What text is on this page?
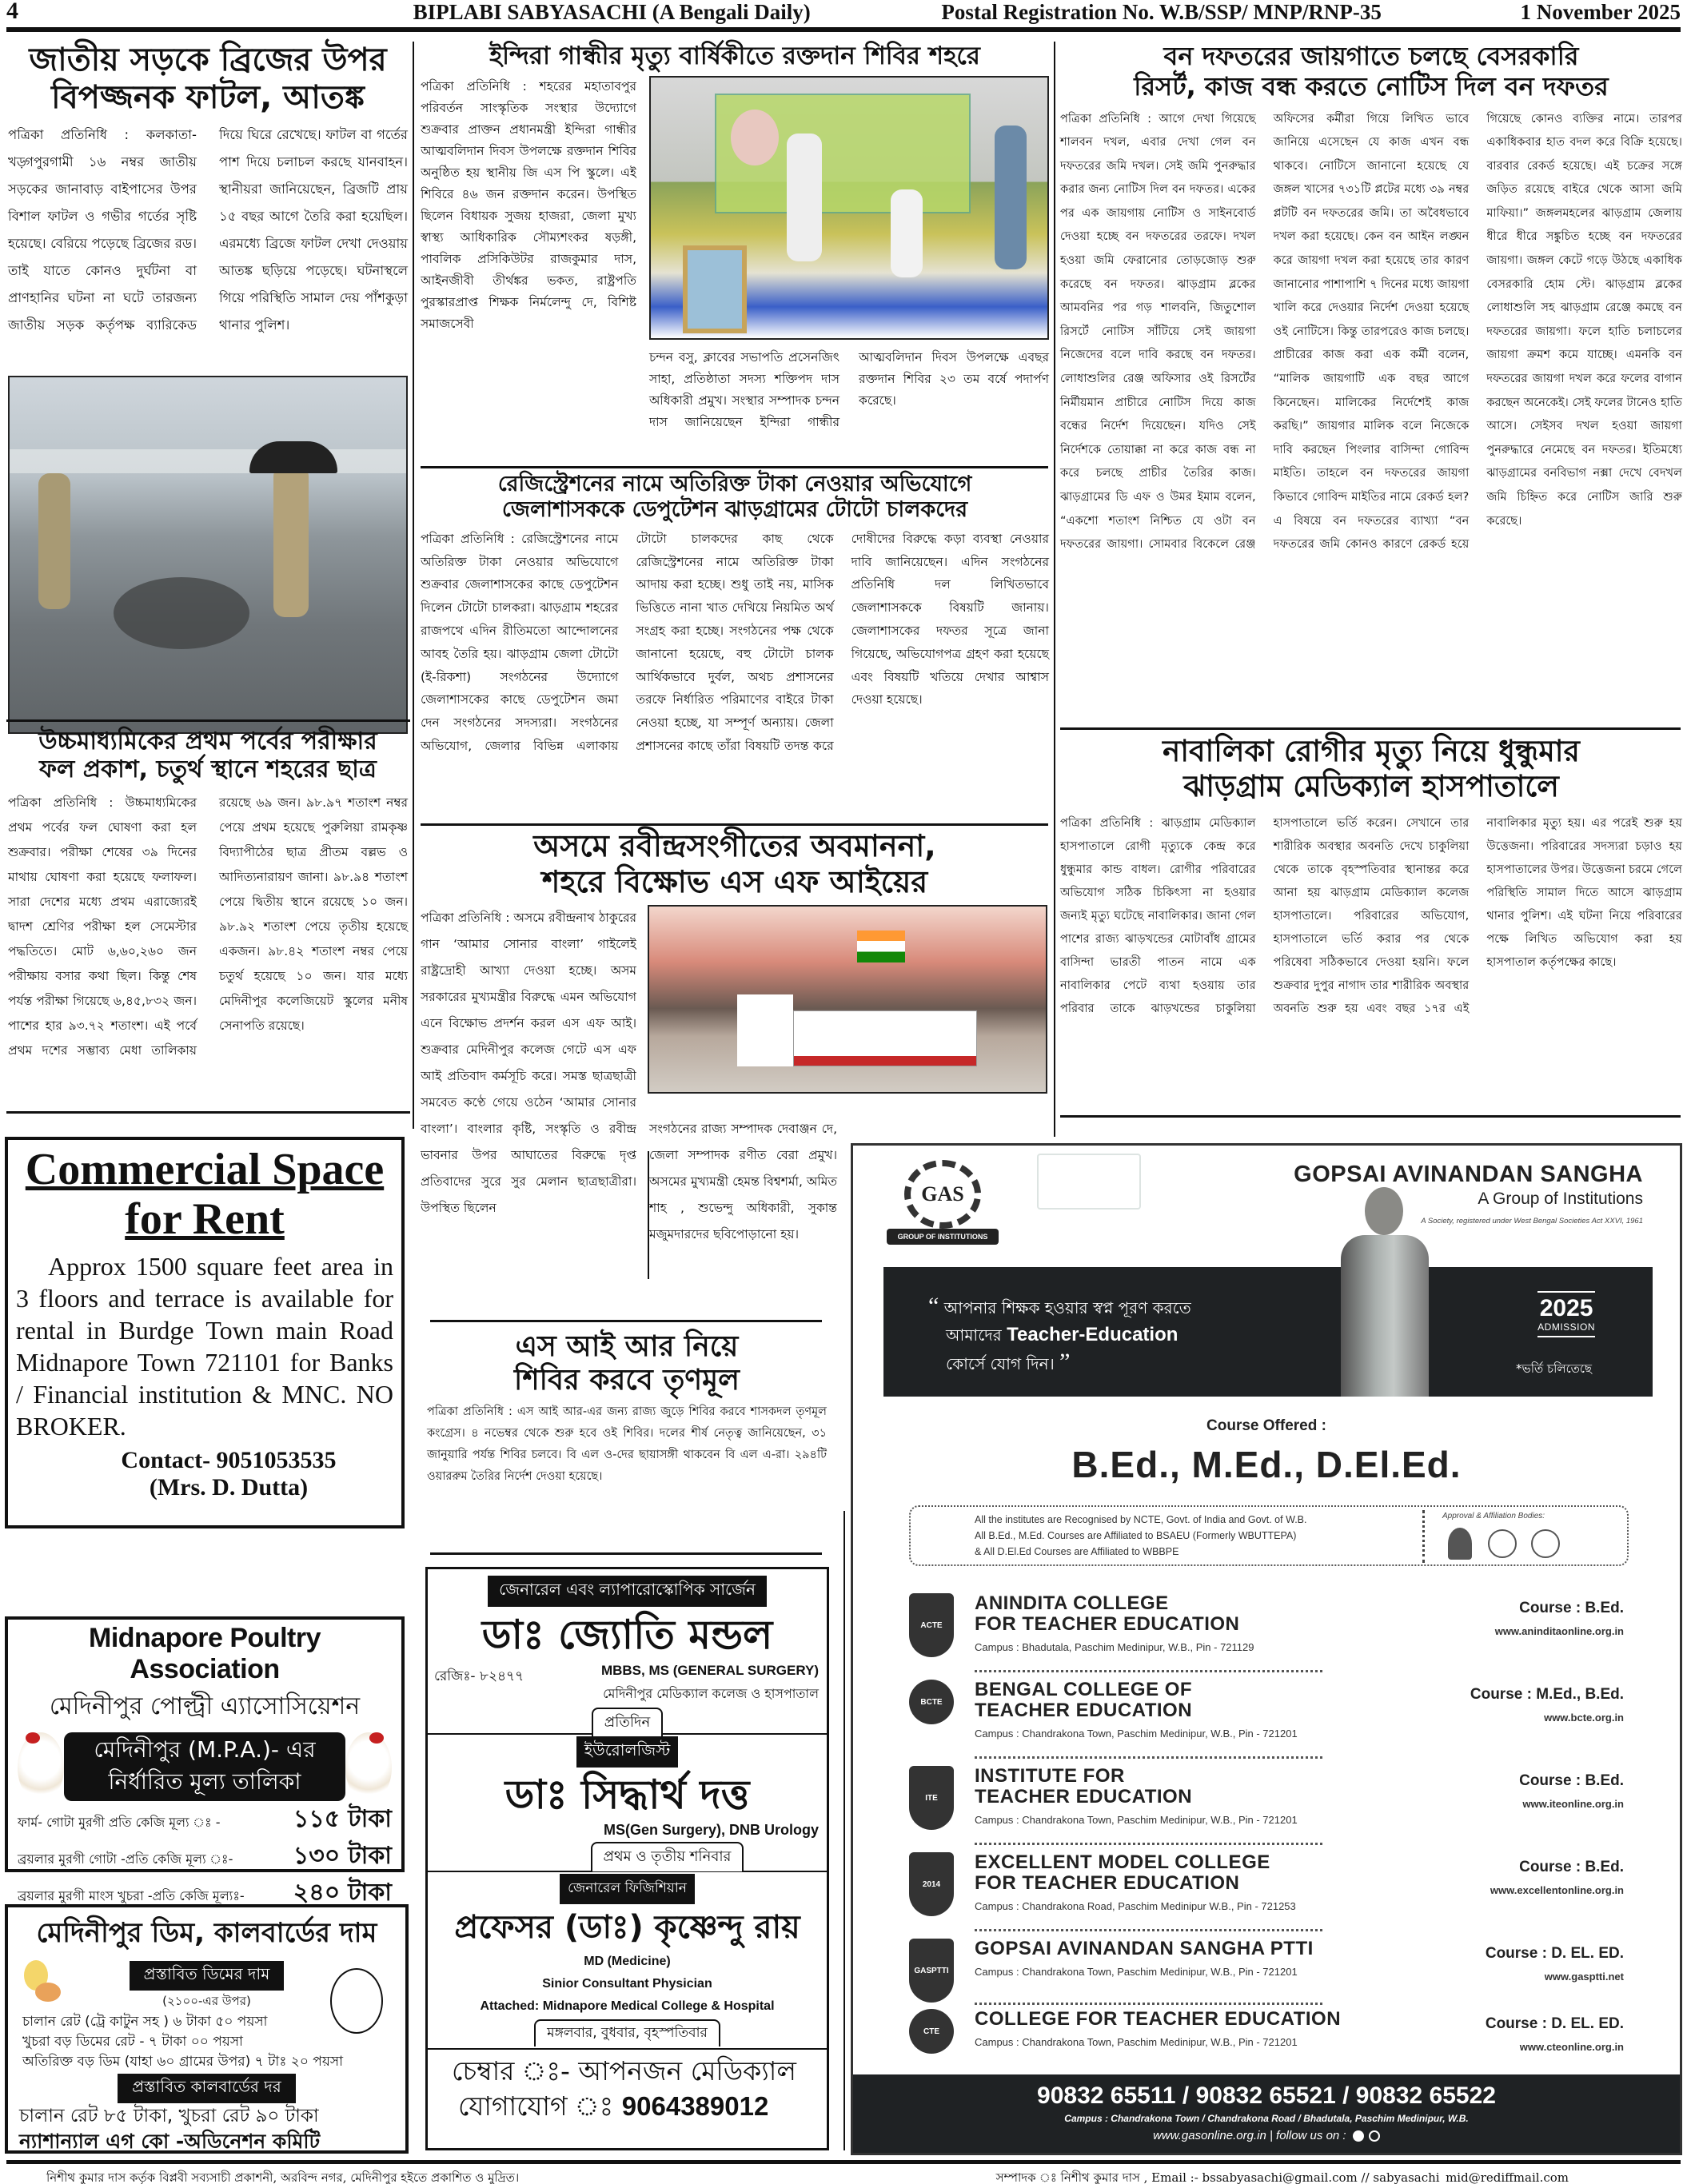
4	BIPLABI SABYASACHI (A Bengali Daily)	Postal Registration No. W.B/SSP/ MNP/RNP-35	1 November 2025
জাতীয় সড়কে ব্রিজের উপর
বিপজ্জনক ফাটল, আতঙ্ক
পত্রিকা প্রতিনিধি : কলকাতা-খড়্গপুরগামী ১৬ নম্বর জাতীয় সড়কের জানাবাড় বাইপাসের উপর বিশাল ফাটল ও গভীর গর্তের সৃষ্টি হয়েছে। বেরিয়ে পড়েছে ব্রিজের রড। তাই যাতে কোনও দুর্ঘটনা বা প্রাণহানির ঘটনা না ঘটে তারজন্য জাতীয় সড়ক কর্তৃপক্ষ ব্যারিকেড দিয়ে ঘিরে রেখেছে। ফাটল বা গর্তের পাশ দিয়ে চলাচল করছে যানবাহন। স্থানীয়রা জানিয়েছেন, ব্রিজটি প্রায় ১৫ বছর আগে তৈরি করা হয়েছিল। এরমধ্যে ব্রিজে ফাটল দেখা দেওয়ায় আতঙ্ক ছড়িয়ে পড়েছে। ঘটনাস্থলে গিয়ে পরিস্থিতি সামাল দেয় পাঁশকুড়া থানার পুলিশ।
উচ্চমাধ্যমিকের প্রথম পর্বের পরীক্ষার
ফল প্রকাশ, চতুর্থ স্থানে শহরের ছাত্র
পত্রিকা প্রতিনিধি : উচ্চমাধ্যমিকের প্রথম পর্বের ফল ঘোষণা করা হল শুক্রবার। পরীক্ষা শেষের ৩৯ দিনের মাথায় ঘোষণা করা হয়েছে ফলাফল। সারা দেশের মধ্যে প্রথম এরাজ্যেরই দ্বাদশ শ্রেণির পরীক্ষা হল সেমেস্টার পদ্ধতিতে। মোট ৬,৬০,২৬০ জন পরীক্ষায় বসার কথা ছিল। কিন্তু শেষ পর্যন্ত পরীক্ষা গিয়েছে ৬,৪৫,৮৩২ জন। পাশের হার ৯৩.৭২ শতাংশ। এই পর্বে প্রথম দশের সম্ভাব্য মেধা তালিকায় রয়েছে ৬৯ জন। ৯৮.৯৭ শতাংশ নম্বর পেয়ে প্রথম হয়েছে পুরুলিয়া রামকৃষ্ণ বিদ্যাপীঠের ছাত্র প্রীতম বল্লভ ও আদিত্যনারায়ণ জানা। ৯৮.৯৪ শতাংশ পেয়ে দ্বিতীয় স্থানে রয়েছে ১০ জন। ৯৮.৯২ শতাংশ পেয়ে তৃতীয় হয়েছে একজন। ৯৮.৪২ শতাংশ নম্বর পেয়ে চতুর্থ হয়েছে ১০ জন। যার মধ্যে মেদিনীপুর কলেজিয়েট স্কুলের মনীষ সেনাপতি রয়েছে।
Commercial Space
for Rent
Approx 1500 square feet area in 3 floors and terrace is available for rental in Burdge Town main Road Midnapore Town 721101 for Banks / Financial institution & MNC. NO BROKER.
Contact- 9051053535
(Mrs. D. Dutta)
Midnapore Poultry Association
মেদিনীপুর পোল্ট্রী এ্যাসোসিয়েশন
মেদিনীপুর (M.P.A.)- এর
নির্ধারিত মূল্য তালিকা
ফার্ম- গোটা মুরগী প্রতি কেজি মূল্য ঃ -	১১৫ টাকা
ব্রয়লার মুরগী গোটা -প্রতি কেজি মূল্য ঃ-	১৩০ টাকা
ব্রয়লার মুরগী মাংস খুচরা -প্রতি কেজি মূল্যঃ- ২৪০ টাকা
মেদিনীপুর ডিম, কালবার্ডের দাম
প্রস্তাবিত ডিমের দাম
(২১০০-এর উপর)
চালান রেট (ট্রে কাটুন সহ ) ৬ টাকা ৫০ পয়সা
খুচরা বড় ডিমের রেট - ৭ টাকা ০০ পয়সা
অতিরিক্ত বড় ডিম (যাহা ৬০ গ্রামের উপর) ৭ টাঃ ২০ পয়সা
প্রস্তাবিত কালবার্ডের দর
চালান রেট ৮৫ টাকা, খুচরা রেট ৯০ টাকা
ন্যাশান্যাল এগ কো -অডিনেশন কমিটি
ইন্দিরা গান্ধীর মৃত্যু বার্ষিকীতে রক্তদান শিবির শহরে
পত্রিকা প্রতিনিধি : শহরের মহাতাবপুর পরিবর্তন সাংস্কৃতিক সংস্থার উদ্যোগে শুক্রবার প্রাক্তন প্রধানমন্ত্রী ইন্দিরা গান্ধীর আত্মবলিদান দিবস উপলক্ষে রক্তদান শিবির অনুষ্ঠিত হয় স্থানীয় জি এস পি স্কুলে। এই শিবিরে ৪৬ জন রক্তদান করেন। উপস্থিত ছিলেন বিধায়ক সুজয় হাজরা, জেলা মুখ্য স্বাস্থ্য আধিকারিক সৌম্যশংকর ষড়ঙ্গী, পাবলিক প্রসিকিউটর রাজকুমার দাস, আইনজীবী তীর্থঙ্কর ভকত, রাষ্ট্রপতি পুরস্কারপ্রাপ্ত শিক্ষক নির্মলেন্দু দে, বিশিষ্ট সমাজসেবী
চন্দন বসু, ক্লাবের সভাপতি প্রসেনজিৎ সাহা, প্রতিষ্ঠাতা সদস্য শক্তিপদ দাস অধিকারী প্রমুখ। সংস্থার সম্পাদক চন্দন দাস জানিয়েছেন ইন্দিরা গান্ধীর আত্মবলিদান দিবস উপলক্ষে এবছর রক্তদান শিবির ২৩ তম বর্ষে পদার্পণ করেছে।
রেজিস্ট্রেশনের নামে অতিরিক্ত টাকা নেওয়ার অভিযোগে
জেলাশাসককে ডেপুটেশন ঝাড়গ্রামের টোটো চালকদের
পত্রিকা প্রতিনিধি : রেজিস্ট্রেশনের নামে অতিরিক্ত টাকা নেওয়ার অভিযোগে শুক্রবার জেলাশাসকের কাছে ডেপুটেশন দিলেন টোটো চালকরা। ঝাড়গ্রাম শহরের রাজপথে এদিন রীতিমতো আন্দোলনের আবহ তৈরি হয়। ঝাড়গ্রাম জেলা টোটো (ই-রিকশা) সংগঠনের উদ্যোগে জেলাশাসকের কাছে ডেপুটেশন জমা দেন সংগঠনের সদস্যরা। সংগঠনের অভিযোগ, জেলার বিভিন্ন এলাকায় টোটো চালকদের কাছ থেকে রেজিস্ট্রেশনের নামে অতিরিক্ত টাকা আদায় করা হচ্ছে। শুধু তাই নয়, মাসিক ভিত্তিতে নানা খাত দেখিয়ে নিয়মিত অর্থ সংগ্রহ করা হচ্ছে। সংগঠনের পক্ষ থেকে জানানো হয়েছে, বহু টোটো চালক আর্থিকভাবে দুর্বল, অথচ প্রশাসনের তরফে নির্ধারিত পরিমাণের বাইরে টাকা নেওয়া হচ্ছে, যা সম্পূর্ণ অন্যায়। জেলা প্রশাসনের কাছে তাঁরা বিষয়টি তদন্ত করে দোষীদের বিরুদ্ধে কড়া ব্যবস্থা নেওয়ার দাবি জানিয়েছেন। এদিন সংগঠনের প্রতিনিধি দল লিখিতভাবে জেলাশাসককে বিষয়টি জানায়। জেলাশাসকের দফতর সূত্রে জানা গিয়েছে, অভিযোগপত্র গ্রহণ করা হয়েছে এবং বিষয়টি খতিয়ে দেখার আশ্বাস দেওয়া হয়েছে।
অসমে রবীন্দ্রসংগীতের অবমাননা,
শহরে বিক্ষোভ এস এফ আইয়ের
পত্রিকা প্রতিনিধি : অসমে রবীন্দ্রনাথ ঠাকুরের গান ‘আমার সোনার বাংলা’ গাইলেই রাষ্ট্রদ্রোহী আখ্যা দেওয়া হচ্ছে। অসম সরকারের মুখ্যমন্ত্রীর বিরুদ্ধে এমন অভিযোগ এনে বিক্ষোভ প্রদর্শন করল এস এফ আই। শুক্রবার মেদিনীপুর কলেজ গেটে এস এফ আই প্রতিবাদ কর্মসূচি করে। সমস্ত ছাত্রছাত্রী সমবেত কণ্ঠে গেয়ে ওঠেন ‘আমার সোনার বাংলা’। বাংলার কৃষ্টি, সংস্কৃতি ও রবীন্দ্র ভাবনার উপর আঘাতের বিরুদ্ধে দৃপ্ত প্রতিবাদের সুরে সুর মেলান ছাত্রছাত্রীরা। উপস্থিত ছিলেন
সংগঠনের রাজ্য সম্পাদক দেবাঞ্জন দে, জেলা সম্পাদক রণীত বেরা প্রমুখ। অসমের মুখ্যমন্ত্রী হেমন্ত বিশ্বশর্মা, অমিত শাহ , শুভেন্দু অধিকারী, সুকান্ত মজুমদারদের ছবিপোড়ানো হয়।
এস আই আর নিয়ে
শিবির করবে তৃণমূল
পত্রিকা প্রতিনিধি : এস আই আর-এর জন্য রাজ্য জুড়ে শিবির করবে শাসকদল তৃণমূল কংগ্রেস। ৪ নভেম্বর থেকে শুরু হবে ওই শিবির। দলের শীর্ষ নেতৃত্ব জানিয়েছেন, ৩১ জানুয়ারি পর্যন্ত শিবির চলবে। বি এল ও-দের ছায়াসঙ্গী থাকবেন বি এল এ-রা। ২৯৪টি ওয়াররুম তৈরির নির্দেশ দেওয়া হয়েছে।
জেনারেল এবং ল্যাপারোস্কোপিক সার্জেন
ডাঃ জ্যোতি মন্ডল
রেজিঃ- ৮২৪৭৭	MBBS, MS (GENERAL SURGERY)
মেদিনীপুর মেডিক্যাল কলেজ ও হাসপাতাল
প্রতিদিন
ইউরোলজিস্ট
ডাঃ সিদ্ধার্থ দত্ত
MS(Gen Surgery), DNB Urology
প্রথম ও তৃতীয় শনিবার
জেনারেল ফিজিশিয়ান
প্রফেসর (ডাঃ) কৃষ্ণেন্দু রায়
MD (Medicine)
Sinior Consultant Physician
Attached: Midnapore Medical College & Hospital
মঙ্গলবার, বুধবার, বৃহস্পতিবার
চেম্বার ঃ- আপনজন মেডিক্যাল
যোগাযোগ ঃ 9064389012
বন দফতরের জায়গাতে চলছে বেসরকারি
রিসর্ট, কাজ বন্ধ করতে নোটিস দিল বন দফতর
পত্রিকা প্রতিনিধি : আগে দেখা গিয়েছে শালবন দখল, এবার দেখা গেল বন দফতরের জমি দখল। সেই জমি পুনরুদ্ধার করার জন্য নোটিস দিল বন দফতর। একের পর এক জায়গায় নোটিস ও সাইনবোর্ড দেওয়া হচ্ছে বন দফতরের তরফে। দখল হওয়া জমি ফেরানোর তোড়জোড় শুরু করেছে বন দফতর। ঝাড়গ্রাম ব্লকের আমবনির পর গড় শালবনি, জিতুশোল রিসর্টে নোটিস সাঁটিয়ে সেই জায়গা নিজেদের বলে দাবি করছে বন দফতর। লোধাশুলির রেঞ্জ অফিসার ওই রিসর্টের নির্মীয়মান প্রাচীরে নোটিস দিয়ে কাজ বন্ধের নির্দেশ দিয়েছেন। যদিও সেই নির্দেশকে তোয়াক্কা না করে কাজ বন্ধ না করে চলছে প্রাচীর তৈরির কাজ। ঝাড়গ্রামের ডি এফ ও উমর ইমাম বলেন, “একশো শতাংশ নিশ্চিত যে ওটা বন দফতরের জায়গা। সোমবার বিকেলে রেঞ্জ অফিসের কর্মীরা গিয়ে লিখিত ভাবে জানিয়ে এসেছেন যে কাজ এখন বন্ধ থাকবে। নোটিসে জানানো হয়েছে যে জঙ্গল খাসের ৭৩১টি প্লটের মধ্যে ৩৯ নম্বর প্লটটি বন দফতরের জমি। তা অবৈধভাবে দখল করা হয়েছে। কেন বন আইন লঙ্ঘন করে জায়গা দখল করা হয়েছে তার কারণ জানানোর পাশাপাশি ৭ দিনের মধ্যে জায়গা খালি করে দেওয়ার নির্দেশ দেওয়া হয়েছে ওই নোটিসে। কিন্তু তারপরেও কাজ চলছে। প্রাচীরের কাজ করা এক কর্মী বলেন, “মালিক জায়গাটি এক বছর আগে কিনেছেন। মালিকের নির্দেশেই কাজ করছি।” জায়গার মালিক বলে নিজেকে দাবি করছেন পিংলার বাসিন্দা গোবিন্দ মাইতি। তাহলে বন দফতরের জায়গা কিভাবে গোবিন্দ মাইতির নামে রেকর্ড হল? এ বিষয়ে বন দফতরের ব্যাখ্যা “বন দফতরের জমি কোনও কারণে রেকর্ড হয়ে গিয়েছে কোনও ব্যক্তির নামে। তারপর একাধিকবার হাত বদল করে বিক্রি হয়েছে। বারবার রেকর্ড হয়েছে। এই চক্রের সঙ্গে জড়িত রয়েছে বাইরে থেকে আসা জমি মাফিয়া।” জঙ্গলমহলের ঝাড়গ্রাম জেলায় ধীরে ধীরে সঙ্কুচিত হচ্ছে বন দফতরের জায়গা। জঙ্গল কেটে গড়ে উঠছে একাধিক বেসরকারি হোম স্টে। ঝাড়গ্রাম ব্লকের লোধাশুলি সহ ঝাড়গ্রাম রেঞ্জে কমছে বন দফতরের জায়গা। ফলে হাতি চলাচলের জায়গা ক্রমশ কমে যাচ্ছে। এমনকি বন দফতরের জায়গা দখল করে ফলের বাগান করছেন অনেকেই। সেই ফলের টানেও হাতি আসে। সেইসব দখল হওয়া জায়গা পুনরুদ্ধারে নেমেছে বন দফতর। ইতিমধ্যে ঝাড়গ্রামের বনবিভাগ নক্সা দেখে বেদখল জমি চিহ্নিত করে নোটিস জারি শুরু করেছে।
নাবালিকা রোগীর মৃত্যু নিয়ে ধুন্ধুমার
ঝাড়গ্রাম মেডিক্যাল হাসপাতালে
পত্রিকা প্রতিনিধি : ঝাড়গ্রাম মেডিক্যাল হাসপাতালে রোগী মৃত্যুকে কেন্দ্র করে ধুন্ধুমার কান্ড বাধল। রোগীর পরিবারের অভিযোগ সঠিক চিকিৎসা না হওয়ার জন্যই মৃত্যু ঘটেছে নাবালিকার। জানা গেল পাশের রাজ্য ঝাড়খন্ডের মোটাবাঁধ গ্রামের বাসিন্দা ভারতী পাতন নামে এক নাবালিকার পেটে ব্যথা হওয়ায় তার পরিবার তাকে ঝাড়খন্ডের চাকুলিয়া হাসপাতালে ভর্তি করেন। সেখানে তার শারীরিক অবস্থার অবনতি দেখে চাকুলিয়া থেকে তাকে বৃহস্পতিবার স্থানান্তর করে আনা হয় ঝাড়গ্রাম মেডিক্যাল কলেজ হাসপাতালে। পরিবারের অভিযোগ, হাসপাতালে ভর্তি করার পর থেকে পরিষেবা সঠিকভাবে দেওয়া হয়নি। ফলে শুক্রবার দুপুর নাগাদ তার শারীরিক অবস্থার অবনতি শুরু হয় এবং বছর ১৭র এই নাবালিকার মৃত্যু হয়। এর পরেই শুরু হয় উত্তেজনা। পরিবারের সদস্যরা চড়াও হয় হাসপাতালের উপর। উত্তেজনা চরমে গেলে পরিস্থিতি সামাল দিতে আসে ঝাড়গ্রাম থানার পুলিশ। এই ঘটনা নিয়ে পরিবারের পক্ষে লিখিত অভিযোগ করা হয় হাসপাতাল কর্তৃপক্ষের কাছে।
GAS
GROUP OF INSTITUTIONS
GOPSAI AVINANDAN SANGHA
A Group of Institutions
A Society, registered under West Bengal Societies Act XXVI, 1961
“ আপনার শিক্ষক হওয়ার স্বপ্ন পূরণ করতে
আমাদের Teacher-Education
কোর্সে যোগ দিন। ”
2025
ADMISSION
*ভর্তি চলিতেছে
Course Offered :
B.Ed., M.Ed., D.El.Ed.
All the institutes are Recognised by NCTE, Govt. of India and Govt. of W.B.
All B.Ed., M.Ed. Courses are Affiliated to BSAEU (Formerly WBUTTEPA)
& All D.El.Ed Courses are Affiliated to WBBPE
Approval & Affiliation Bodies:
ACTE
ANINDITA COLLEGE
FOR TEACHER EDUCATION
Campus : Bhadutala, Paschim Medinipur, W.B., Pin - 721129
Course : B.Ed.
www.aninditaonline.org.in
BCTE
BENGAL COLLEGE OF
TEACHER EDUCATION
Campus : Chandrakona Town, Paschim Medinipur, W.B., Pin - 721201
Course : M.Ed., B.Ed.
www.bcte.org.in
ITE
INSTITUTE FOR
TEACHER EDUCATION
Campus : Chandrakona Town, Paschim Medinipur, W.B., Pin - 721201
Course : B.Ed.
www.iteonline.org.in
2014
EXCELLENT MODEL COLLEGE
FOR TEACHER EDUCATION
Campus : Chandrakona Road, Paschim Medinipur W.B., Pin - 721253
Course : B.Ed.
www.excellentonline.org.in
GASPTTI
GOPSAI AVINANDAN SANGHA PTTI
Campus : Chandrakona Town, Paschim Medinipur, W.B., Pin - 721201
Course : D. EL. ED.
www.gasptti.net
CTE
COLLEGE FOR TEACHER EDUCATION
Campus : Chandrakona Town, Paschim Medinipur, W.B., Pin - 721201
Course : D. EL. ED.
www.cteonline.org.in
90832 65511 / 90832 65521 / 90832 65522
Campus : Chandrakona Town / Chandrakona Road / Bhadutala, Paschim Medinipur, W.B.
www.gasonline.org.in | follow us on :
নিশীথ কুমার দাস কর্তৃক বিপ্লবী সব্যসাচী প্রকাশনী, অরবিন্দ নগর, মেদিনীপুর হইতে প্রকাশিত ও মুদ্রিত।	সম্পাদক ঃ নিশীথ কুমার দাস , Email :- bssabyasachi@gmail.com // sabyasachi_mid@rediffmail.com
